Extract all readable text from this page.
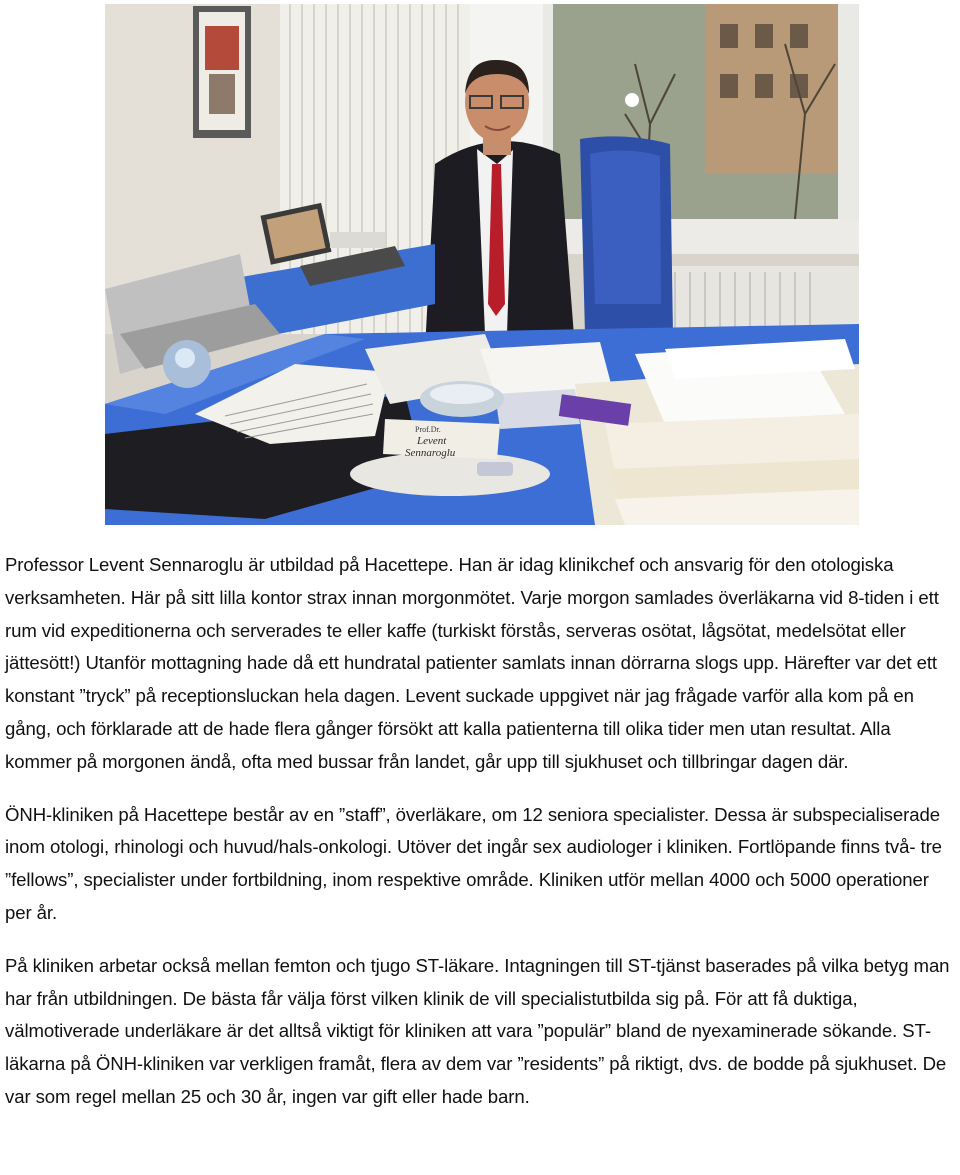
Prof.Dr.
Levent
Sennaroglu

Professor Levent Sennaroglu är utbildad på Hacettepe. Han är idag klinikchef och ansvarig för den otologiska verksamheten. Här på sitt lilla kontor strax innan morgonmötet. Varje morgon samlades överläkarna vid 8-tiden i ett rum vid expeditionerna och serverades te eller kaffe (turkiskt förstås, serveras osötat, lågsötat, medelsötat eller jättesött!) Utanför mottagning hade då ett hundratal patienter samlats innan dörrarna slogs upp. Härefter var det ett konstant ”tryck” på receptionsluckan hela dagen. Levent suckade uppgivet när jag frågade varför alla kom på en gång, och förklarade att de hade flera gånger försökt att kalla patienterna till olika tider men utan resultat. Alla kommer på morgonen ändå, ofta med bussar från landet, går upp till sjukhuset och tillbringar dagen där.

ÖNH-kliniken på Hacettepe består av en ”staff”, överläkare, om 12 seniora specialister. Dessa är subspecialiserade inom otologi, rhinologi och huvud/hals-onkologi. Utöver det ingår sex audiologer i kliniken. Fortlöpande finns två- tre ”fellows”, specialister under fortbildning, inom respektive område. Kliniken utför mellan 4000 och 5000 operationer per år.

På kliniken arbetar också mellan femton och tjugo ST-läkare. Intagningen till ST-tjänst baserades på vilka betyg man har från utbildningen. De bästa får välja först vilken klinik de vill specialistutbilda sig på. För att få duktiga, välmotiverade underläkare är det alltså viktigt för kliniken att vara ”populär” bland de nyexaminerade sökande. ST-läkarna på ÖNH-kliniken var verkligen framåt, flera av dem var ”residents” på riktigt, dvs. de bodde på sjukhuset. De var som regel mellan 25 och 30 år, ingen var gift eller hade barn.
